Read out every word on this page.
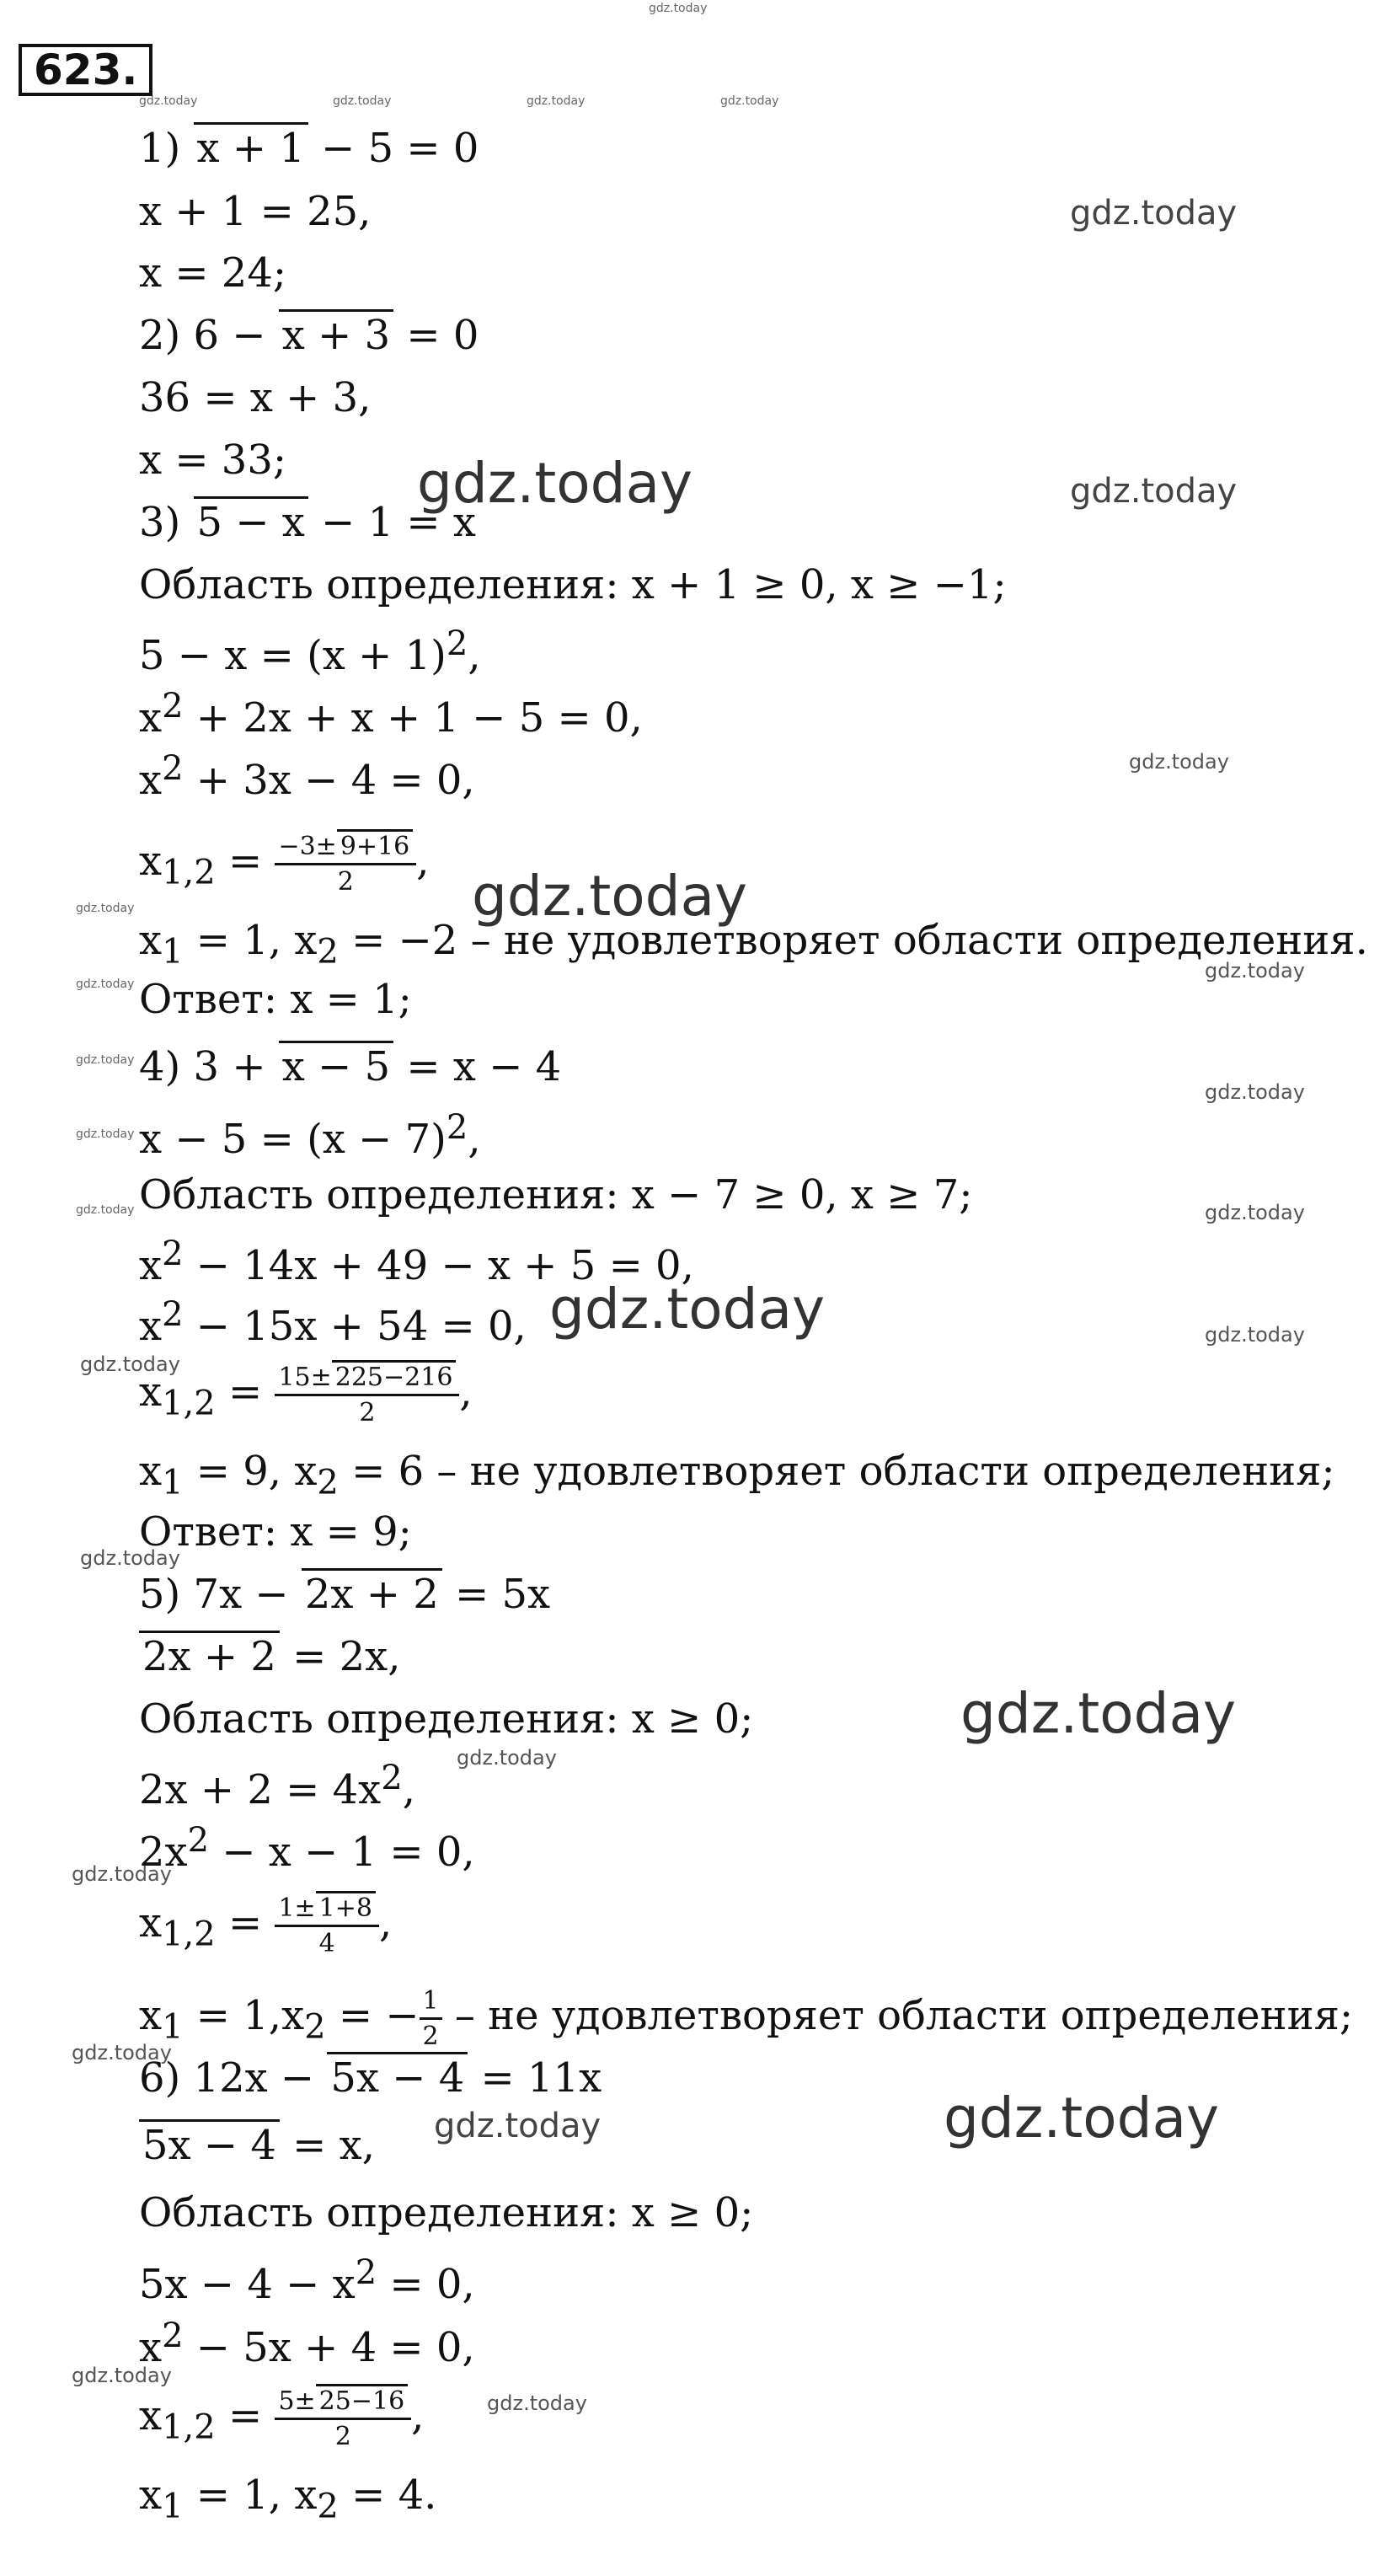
gdz.today
gdz.today	gdz.today	gdz.today	gdz.today
gdz.today
gdz.today	gdz.today
gdz.today
gdz.today
gdz.today
gdz.today
gdz.today
gdz.today
gdz.today
gdz.today
gdz.today	gdz.today
gdz.today	gdz.today
gdz.today
gdz.today
gdz.today
gdz.today
gdz.today
gdz.today
gdz.today	gdz.today
gdz.today
gdz.today
623.
1) x + 1 − 5 = 0
x + 1 = 25,
x = 24;
2) 6 − x + 3 = 0
36 = x + 3,
x = 33;
3) 5 − x − 1 = x
Область определения: x + 1 ≥ 0, x ≥ −1;
$5 - x = (x + 1)^2$,
$x^2 + 2x + x + 1 - 5 = 0$,
$x^2 + 3x - 4 = 0$,
$x_{1,2} = \frac{-3\pm 9+16}{2}$ ,
$x_1 = 1$, $x_2 = -2$ – не удовлетворяет области определения.
Ответ: x = 1;
4) 3 + x − 5 = x − 4
$x - 5 = (x - 7)^2$,
Область определения: x − 7 ≥ 0, x ≥ 7;
$x^2 - 14x + 49 - x + 5 = 0$,
$x^2 - 15x + 54 = 0$,
$x_{1,2} = \frac{15\pm 225-216}{2}$ ,
$x_1 = 9$, $x_2 = 6$ – не удовлетворяет области определения;
Ответ: x = 9;
5) 7x − 2x + 2 = 5x
2x + 2 = 2x,
Область определения: x ≥ 0;
$2x + 2 = 4x^2$,
$2x^2 - x - 1 = 0$,
$x_{1,2} = \frac{1\pm 1+8}{4}$ ,
$x_1 = 1,x_2$ = − $\frac{1}{2}$ – не удовлетворяет области определения;
6) 12x − 5x − 4 = 11x
5x − 4 = x,
Область определения: x ≥ 0;
$5x - 4 - x^2 = 0$,
$x^2 - 5x + 4 = 0$,
$x_{1,2} = \frac{5\pm 25-16}{2}$ ,
$x_1 = 1$, $x_2 = 4$.
